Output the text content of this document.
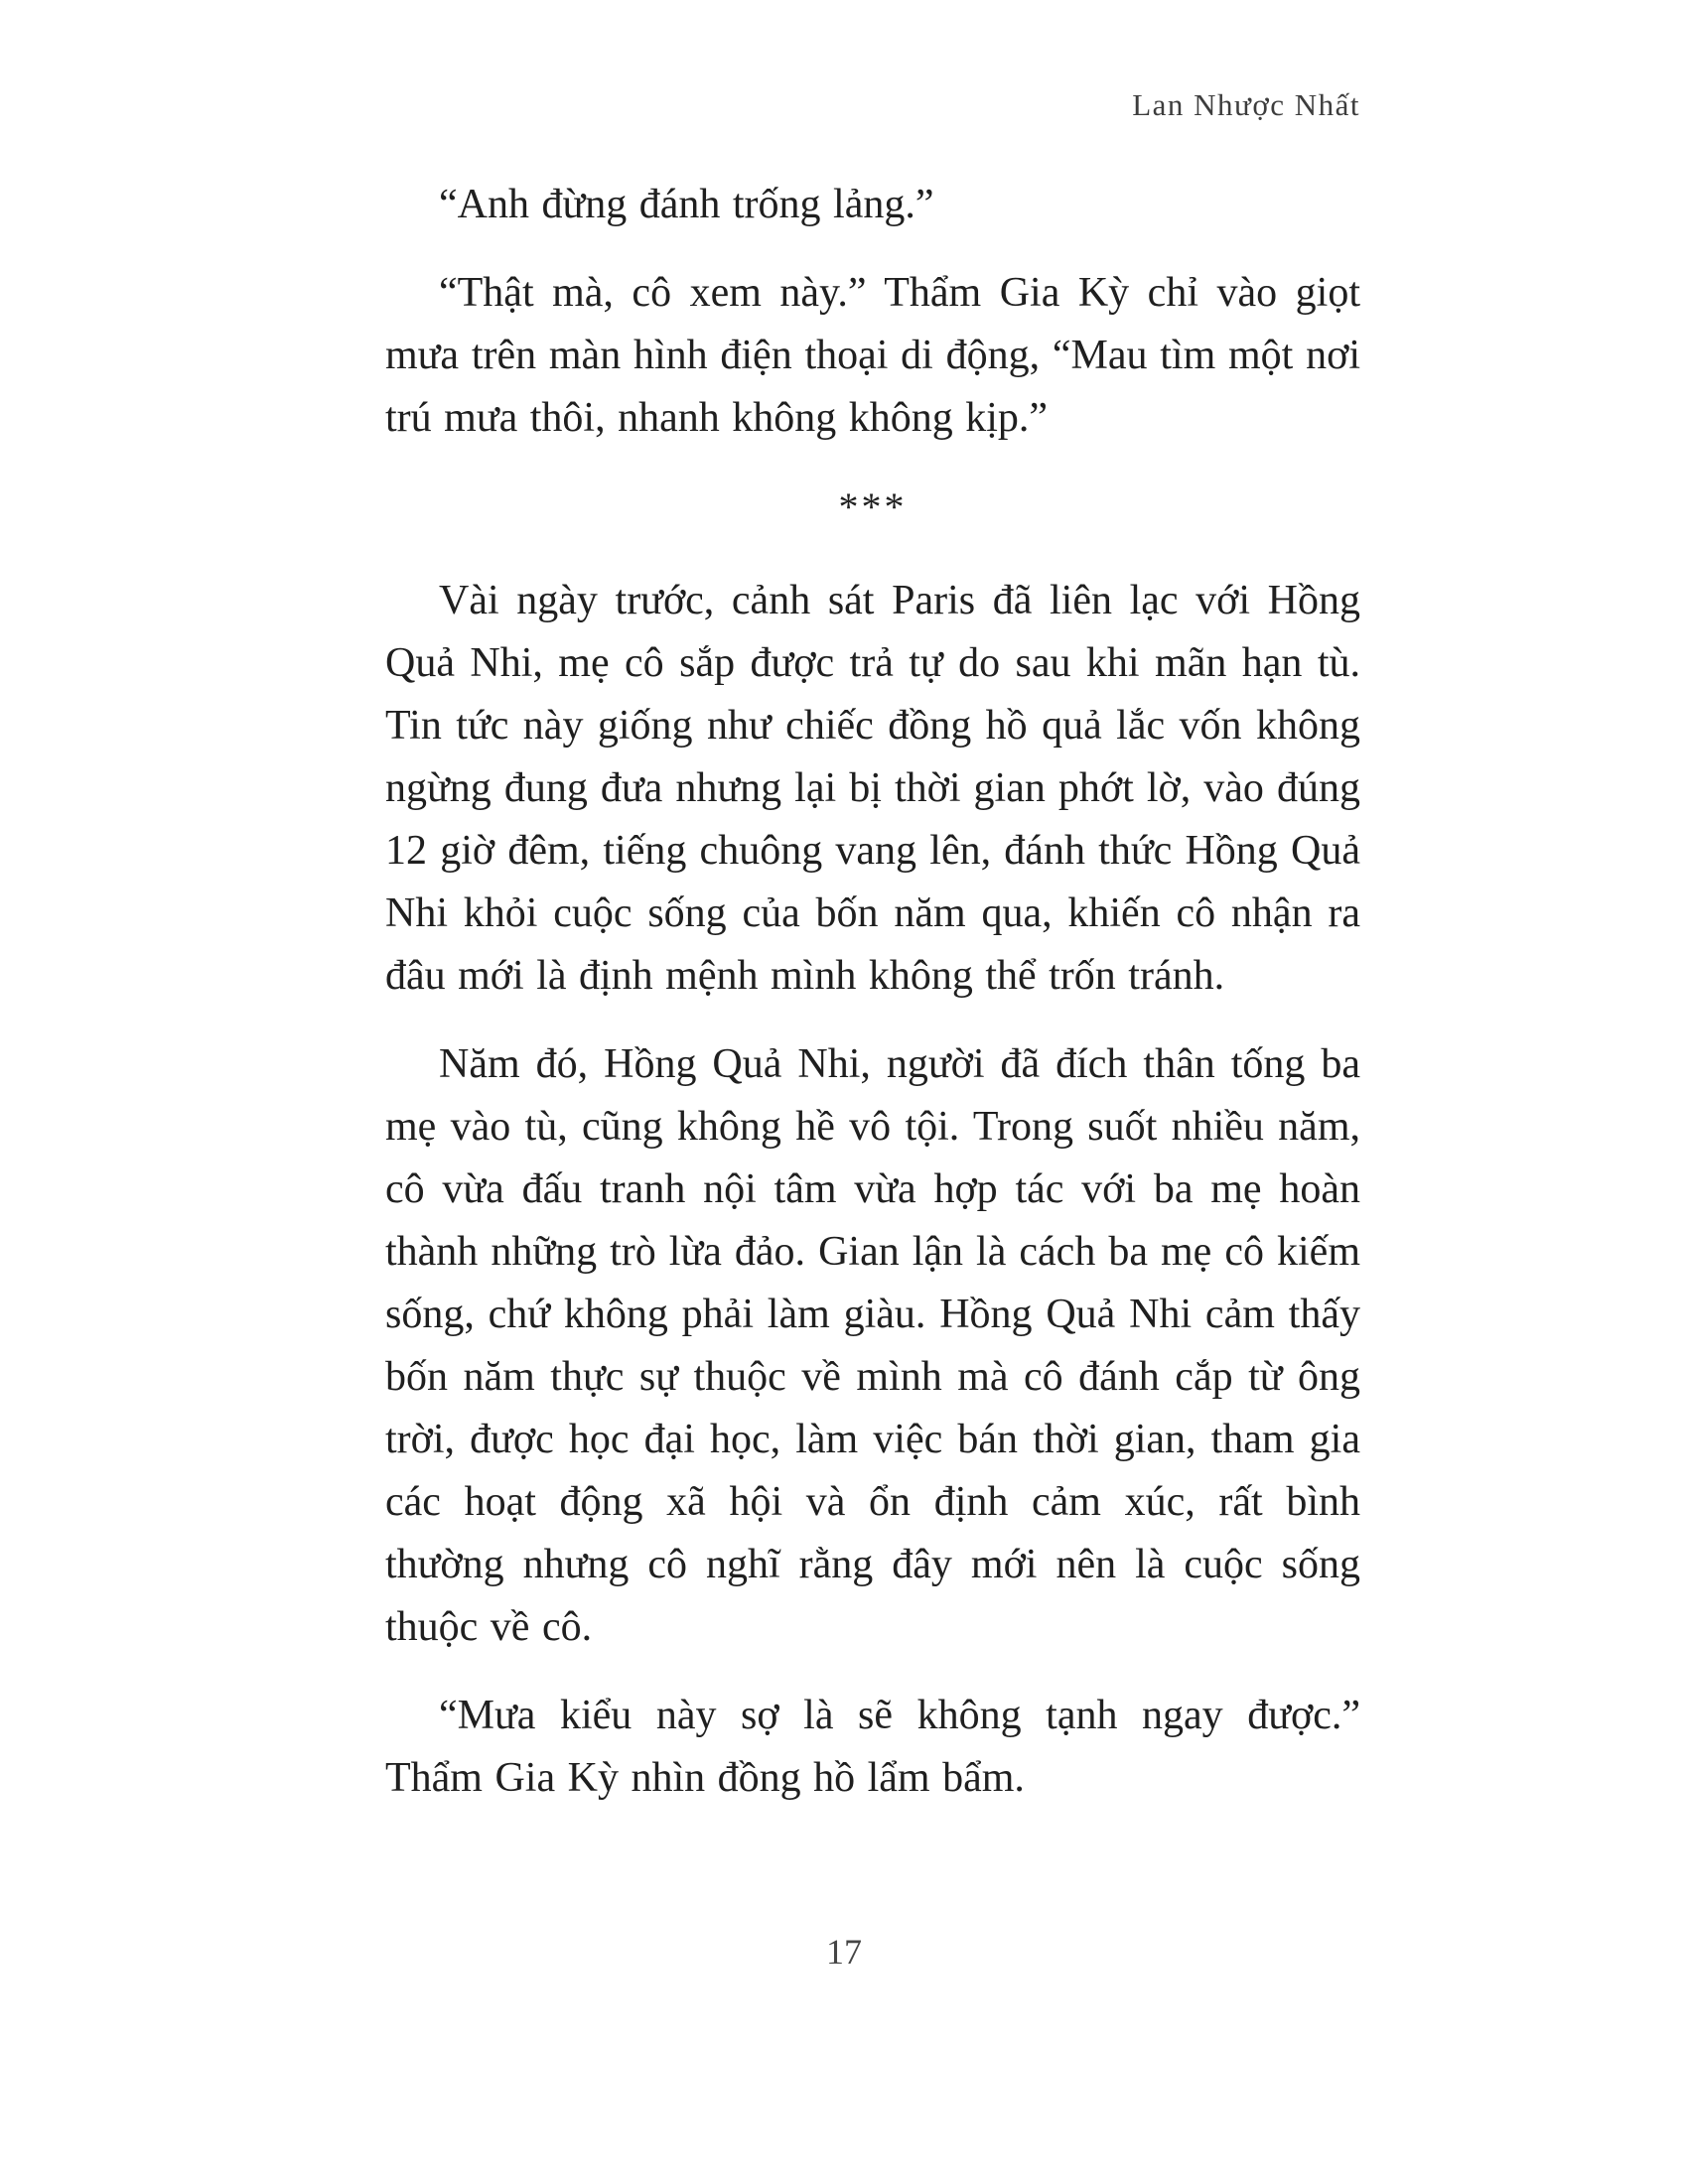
Lan Nhược Nhất

“Anh đừng đánh trống lảng.”

“Thật mà, cô xem này.” Thẩm Gia Kỳ chỉ vào giọt mưa trên màn hình điện thoại di động, “Mau tìm một nơi trú mưa thôi, nhanh không không kịp.”

***

Vài ngày trước, cảnh sát Paris đã liên lạc với Hồng Quả Nhi, mẹ cô sắp được trả tự do sau khi mãn hạn tù. Tin tức này giống như chiếc đồng hồ quả lắc vốn không ngừng đung đưa nhưng lại bị thời gian phớt lờ, vào đúng 12 giờ đêm, tiếng chuông vang lên, đánh thức Hồng Quả Nhi khỏi cuộc sống của bốn năm qua, khiến cô nhận ra đâu mới là định mệnh mình không thể trốn tránh.

Năm đó, Hồng Quả Nhi, người đã đích thân tống ba mẹ vào tù, cũng không hề vô tội. Trong suốt nhiều năm, cô vừa đấu tranh nội tâm vừa hợp tác với ba mẹ hoàn thành những trò lừa đảo. Gian lận là cách ba mẹ cô kiếm sống, chứ không phải làm giàu. Hồng Quả Nhi cảm thấy bốn năm thực sự thuộc về mình mà cô đánh cắp từ ông trời, được học đại học, làm việc bán thời gian, tham gia các hoạt động xã hội và ổn định cảm xúc, rất bình thường nhưng cô nghĩ rằng đây mới nên là cuộc sống thuộc về cô.

“Mưa kiểu này sợ là sẽ không tạnh ngay được.” Thẩm Gia Kỳ nhìn đồng hồ lẩm bẩm.

17
